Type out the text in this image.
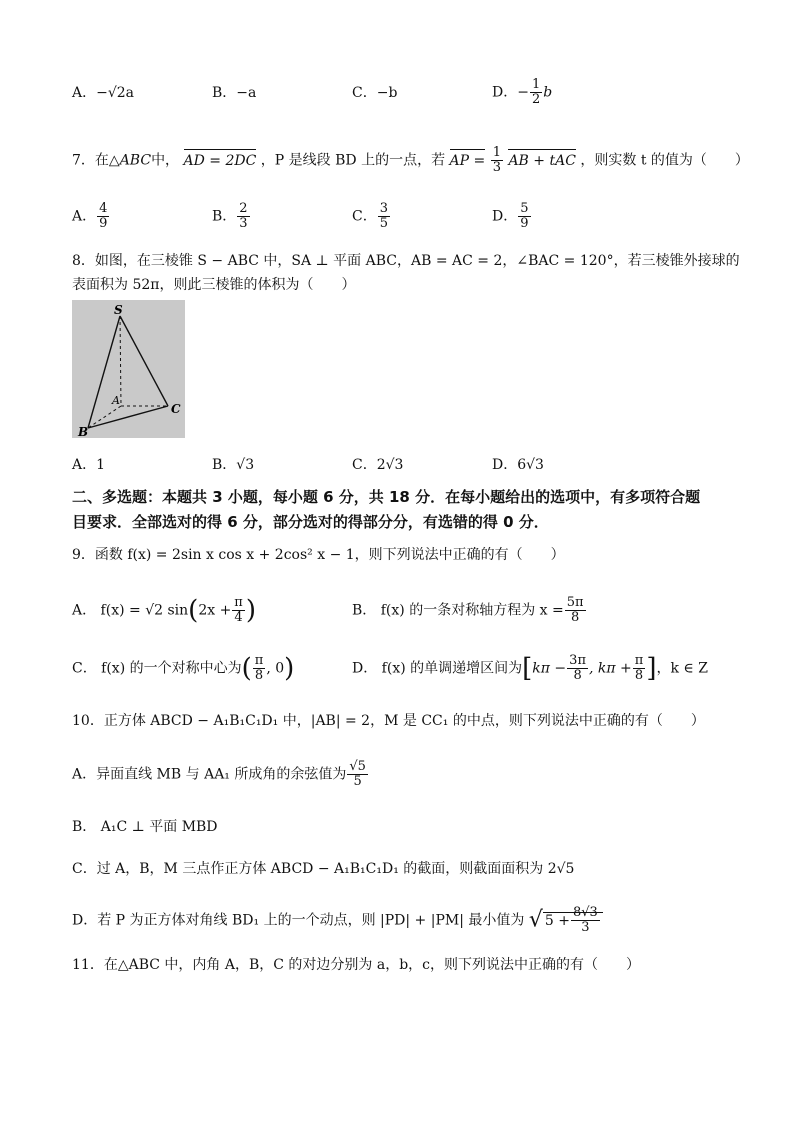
A．−√2a	B．−a	C．−b	D．− $\frac{1}{2}$ b
7．在△ABC中， AD = 2DC ，P 是线段 BD 上的一点，若 AP = $\frac{1}{3}$ AB + tAC ，则实数 t 的值为（　　）
A． $\frac{4}{9}$	B． $\frac{2}{3}$	C． $\frac{3}{5}$	D． $\frac{5}{9}$
8．如图，在三棱锥 S − ABC 中，SA ⊥ 平面 ABC，AB = AC = 2，∠BAC = 120°，若三棱锥外接球的
表面积为 52π，则此三棱锥的体积为（　　）
S
A
B
C
A．1	B．√3	C．2√3	D．6√3
二、多选题：本题共 3 小题，每小题 6 分，共 18 分．在每小题给出的选项中，有多项符合题
目要求．全部选对的得 6 分，部分选对的得部分分，有选错的得 0 分．
9．函数 f(x) = 2sin x cos x + 2cos² x − 1，则下列说法中正确的有（　　）
A． f(x) = √2 $\sin(2x + \frac{\pi}{4}$ )	B． f(x) 的一条对称轴方程为 $x = \frac{5\pi}{8}$
C． f(x) 的一个对称中心为( $\frac{\pi}{8}$ , 0)	D． f(x) 的单调递增区间为[$k\pi - \frac{3\pi}{8}$ , $k\pi + \frac{\pi}{8}$ ]，k ∈ Z
10．正方体 ABCD − A₁B₁C₁D₁ 中，|AB| = 2，M 是 CC₁ 的中点，则下列说法中正确的有（　　）
A．异面直线 MB 与 AA₁ 所成角的余弦值为 $\frac{√5}{5}$
B． A₁C ⊥ 平面 MBD
C．过 A，B，M 三点作正方体 ABCD − A₁B₁C₁D₁ 的截面，则截面面积为 2√5
D．若 P 为正方体对角线 BD₁ 上的一个动点，则 |PD| + |PM| 最小值为 √ $5 + \frac{8√3}{3}$
11．在△ABC 中，内角 A，B，C 的对边分别为 a，b，c，则下列说法中正确的有（　　）
